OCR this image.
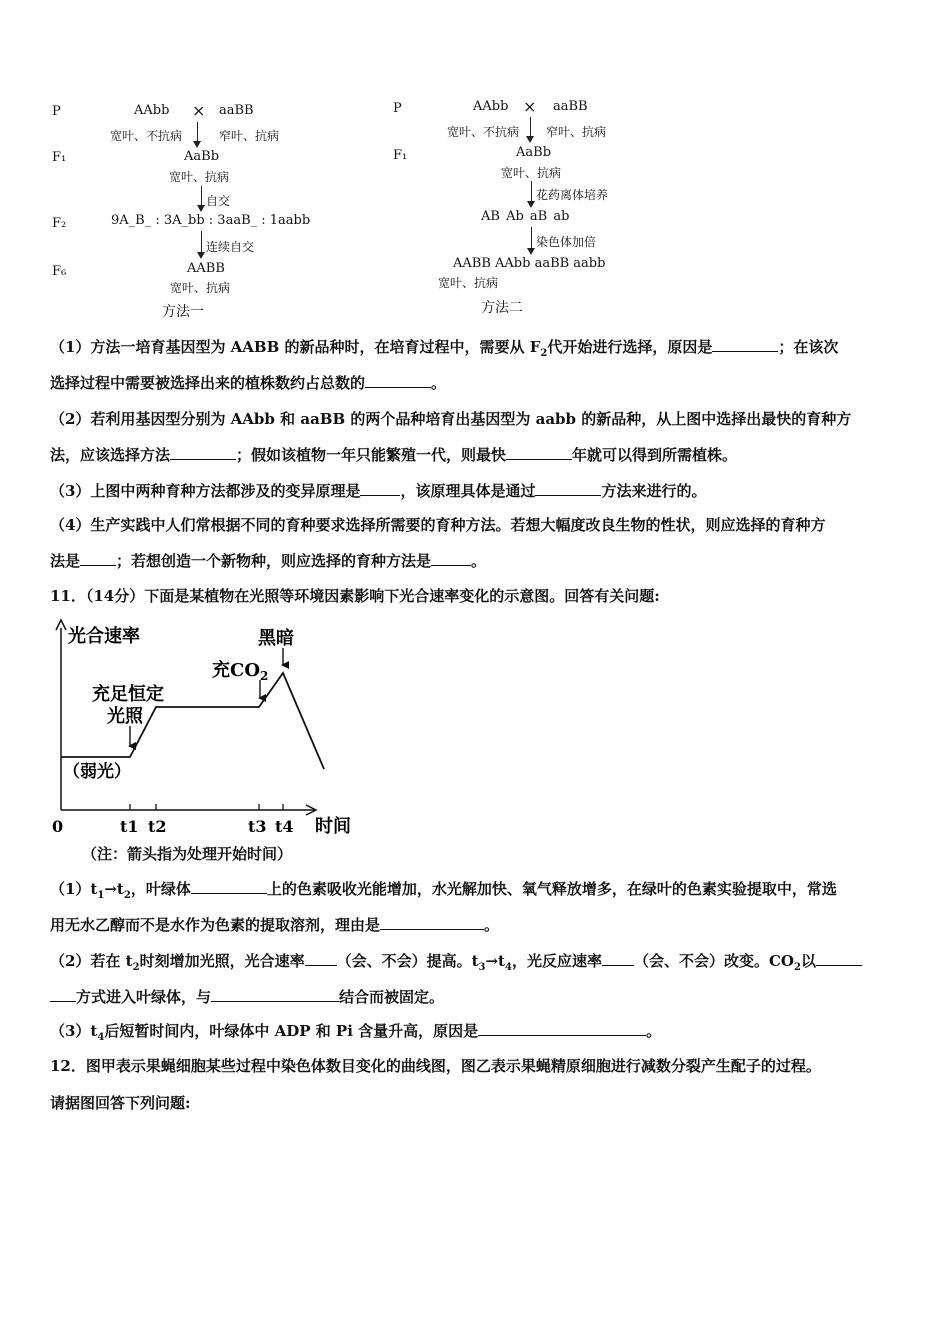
P	AAbb × aaBB
宽叶、不抗病	窄叶、抗病
F₁	AaBb
宽叶、抗病
自交
F₂	9A_B_ : 3A_bb : 3aaB_ : 1aabb
连续自交
F₆	AABB
宽叶、抗病
方法一
P	AAbb × aaBB
宽叶、不抗病 窄叶、抗病
F₁	AaBb
宽叶、抗病
花药离体培养
AB Ab aB ab
染色体加倍
AABB AAbb aaBB aabb
宽叶、抗病
方法二
（1）方法一培育基因型为 AABB 的新品种时，在培育过程中，需要从 $F_2$代开始进行选择，原因是	；在该次
选择过程中需要被选择出来的植株数约占总数的	。
（2）若利用基因型分别为 AAbb 和 aaBB 的两个品种培育出基因型为 aabb 的新品种，从上图中选择出最快的育种方
法，应该选择方法	；假如该植物一年只能繁殖一代，则最快	年就可以得到所需植株。
（3）上图中两种育种方法都涉及的变异原理是	，该原理具体是通过	方法来进行的。
（4）生产实践中人们常根据不同的育种要求选择所需要的育种方法。若想大幅度改良生物的性状，则应选择的育种方
法是 ；若想创造一个新物种，则应选择的育种方法是	。
11．（14分）下面是某植物在光照等环境因素影响下光合速率变化的示意图。回答有关问题:
光合速率
0	t1 t2	t3 t4 时间
（弱光）
充足恒定
光照
充$CO_2$
黑暗
（注：箭头指为处理开始时间）
$(1)t_1\to t_2$，叶绿体	上的色素吸收光能增加，水光解加快、氧气释放增多，在绿叶的色素实验提取中，常选
用无水乙醇而不是水作为色素的提取溶剂，理由是	。
（2）若在 $t_2$时刻增加光照，光合速率 （会、不会）提高。$t_3\to t_4$，光反应速率 （会、不会）改变。$CO_2$以
方式进入叶绿体，与	结合而被固定。
$(3)t_4$后短暂时间内，叶绿体中 ADP 和 Pi 含量升高，原因是	。
12．图甲表示果蝇细胞某些过程中染色体数目变化的曲线图，图乙表示果蝇精原细胞进行减数分裂产生配子的过程。
请据图回答下列问题:
